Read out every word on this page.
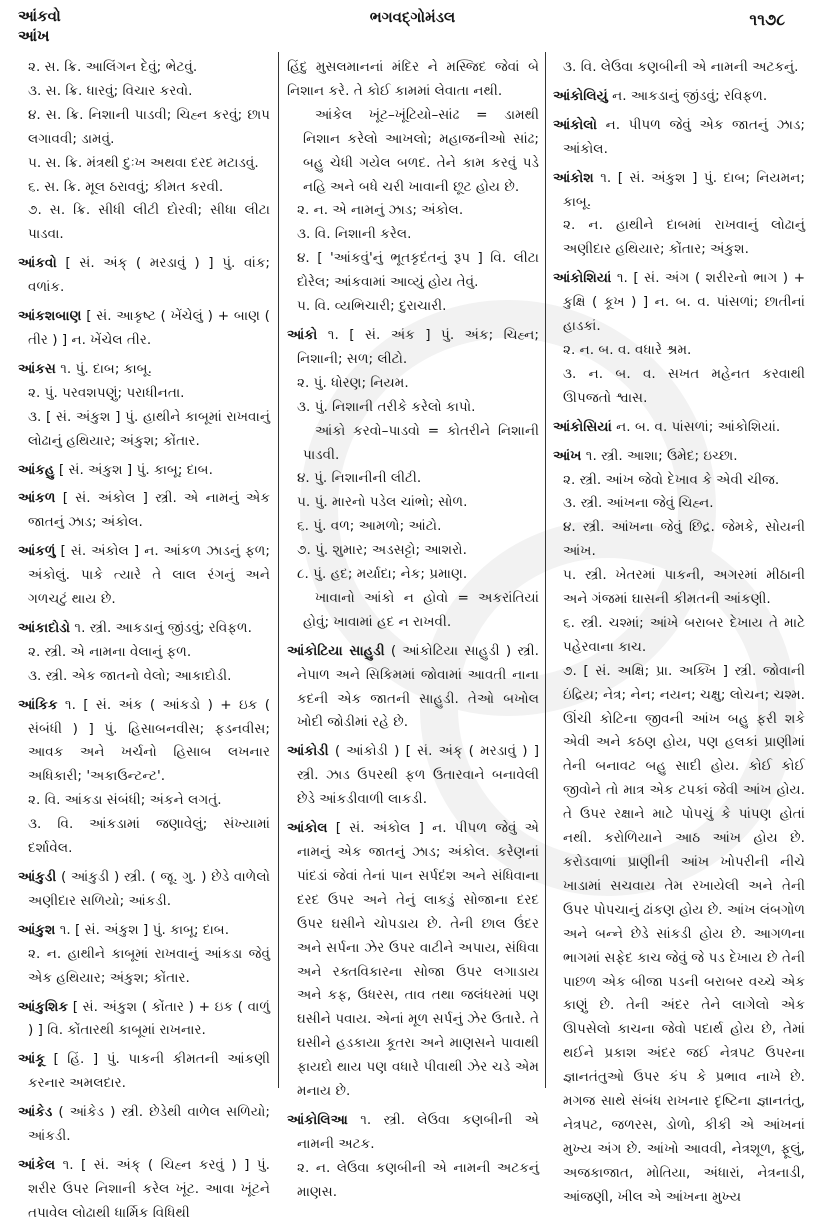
આંકવો
આંખ
ભગવદ્ગોમંડલ	૧૧૭૮

૨. સ. ક્રિ. આલિંગન દેવું; ભેટવું.

૩. સ. ક્રિ. ધારવું; વિચાર કરવો.

૪. સ. ક્રિ. નિશાની પાડવી; ચિહ્ન કરવું; છાપ લગાવવી; ડામવું.

૫. સ. ક્રિ. મંત્રથી દુઃખ અથવા દરદ મટાડવું.

૬. સ. ક્રિ. મૂલ ઠરાવવું; કીમત કરવી.

૭. સ. ક્રિ. સીધી લીટી દોરવી; સીધા લીટા પાડવા.

આંકવો [ સં. અંક્ ( મરડાવું ) ] પું. વાંક; વળાંક.

આંકશબાણ [ સં. આકૃષ્ટ ( ખેંચેલું ) + બાણ ( તીર ) ] ન. ખેંચેલ તીર.

આંકસ ૧. પું. દાબ; કાબૂ.

૨. પું. પરવશપણું; પરાધીનતા.

૩. [ સં. અંકુશ ] પું. હાથીને કાબૂમાં રાખવાનું લોઢાનું હથિયાર; અંકુશ; કોંતાર.

આંકહુ [ સં. અંકુશ ] પું. કાબૂ; દાબ.

આંકળ [ સં. અંકોલ ] સ્ત્રી. એ નામનું એક જાતનું ઝાડ; અંકોલ.

આંકળું [ સં. અંકોલ ] ન. આંકળ ઝાડનું ફળ; અંકોલું. પાકે ત્યારે તે લાલ રંગનું અને ગળચટું થાય છે.

આંકાદોડો ૧. સ્ત્રી. આકડાનું જીંડવું; રવિફળ.

૨. સ્ત્રી. એ નામના વેલાનું ફળ.

૩. સ્ત્રી. એક જાતનો વેલો; આકાદોડી.

આંકિક ૧. [ સં. અંક ( આંકડો ) + ઇક ( સંબંધી ) ] પું. હિસાબનવીસ; ફડનવીસ; આવક અને ખર્ચનો હિસાબ લખનાર અધિકારી; 'અકાઉન્ટન્ટ'.

૨. વિ. આંકડા સંબંધી; અંકને લગતું.

૩. વિ. આંકડામાં જણાવેલું; સંખ્યામાં દર્શાવેલ.

આંકુડી ( આંકુડી ) સ્ત્રી. ( જૂ. ગુ. ) છેડે વાળેલો અણીદાર સળિયો; આંકડી.

આંકુશ ૧. [ સં. અંકુશ ] પું. કાબૂ; દાબ.

૨. ન. હાથીને કાબૂમાં રાખવાનું આંકડા જેવું એક હથિયાર; અંકુશ; કોંતાર.

આંકુશિક [ સં. અંકુશ ( કોંતાર ) + ઇક ( વાળું ) ] વિ. કોંતારથી કાબૂમાં રાખનાર.

આંકૂ [ હિં. ] પું. પાકની કીમતની આંકણી કરનાર અમલદાર.

આંકેડ ( આંકેડ ) સ્ત્રી. છેડેથી વાળેલ સળિયો; આંકડી.

આંકેલ ૧. [ સં. અંક્ ( ચિહ્ન કરવું ) ] પું. શરીર ઉપર નિશાની કરેલ ખૂંટ. આવા ખૂંટને તપાવેલ લોઢાથી ધાર્મિક વિધિથી

હિંદુ મુસલમાનનાં મંદિર ને મસ્જિદ જેવાં બે નિશાન કરે. તે કોઈ કામમાં લેવાતા નથી.

આંકેલ ખૂંટ–ખૂંટિયો–સાંઢ = ડામથી નિશાન કરેલો આખલો; મહાજનીઓ સાંઢ; બહુ ચેધી ગયેલ બળદ. તેને કામ કરવું પડે નહિ અને બધે ચરી ખાવાની છૂટ હોય છે.

૨. ન. એ નામનું ઝાડ; અંકોલ.

૩. વિ. નિશાની કરેલ.

૪. [ 'આંકવું'નું ભૂતકૃદંતનું રૂપ ] વિ. લીટા દોરેલ; આંકવામાં આવ્યું હોય તેવું.

૫. વિ. વ્યભિચારી; દુરાચારી.

આંકો ૧. [ સં. અંક ] પું. અંક; ચિહ્ન; નિશાની; સળ; લીટો.

૨. પું. ધોરણ; નિયમ.

૩. પું. નિશાની તરીકે કરેલો કાપો.

આંકો કરવો–પાડવો = કોતરીને નિશાની પાડવી.

૪. પું. નિશાનીની લીટી.

૫. પું. મારનો પડેલ ચાંભો; સોળ.

૬. પું. વળ; આમળો; આંટો.

૭. પું. શુમાર; અડસટ્ટો; આશરો.

૮. પું. હદ; મર્યાદા; નેક; પ્રમાણ.

ખાવાનો આંકો ન હોવો = અકરાંતિયાં હોવું; ખાવામાં હદ ન રાખવી.

આંકોટિયા સાહુડી ( આંકોટિયા સાહુડી ) સ્ત્રી. નેપાળ અને સિકિમમાં જોવામાં આવતી નાના કદની એક જાતની સાહુડી. તેઓ બખોલ ખોદી જોડીમાં રહે છે.

આંકોડી ( આંકોડી ) [ સં. અંક્ ( મરડાવું ) ] સ્ત્રી. ઝાડ ઉપરથી ફળ ઉતારવાને બનાવેલી છેડે આંકડીવાળી લાકડી.

આંકોલ [ સં. અંકોલ ] ન. પીપળ જેવું એ નામનું એક જાતનું ઝાડ; અંકોલ. કરેણનાં પાંદડાં જેવાં તેનાં પાન સર્પદંશ અને સંધિવાના દરદ ઉપર અને તેનું લાકડું સોજાના દરદ ઉપર ઘસીને ચોપડાય છે. તેની છાલ ઉંદર અને સર્પના ઝેર ઉપર વાટીને અપાય, સંધિવા અને રક્તવિકારના સોજા ઉપર લગાડાય અને કફ, ઉધરસ, તાવ તથા જલંધરમાં પણ ઘસીને પવાય. એનાં મૂળ સર્પનું ઝેર ઉતારે. તે ઘસીને હડકાયા કૂતરા અને માણસને પાવાથી ફાયદો થાય પણ વધારે પીવાથી ઝેર ચડે એમ મનાય છે.

આંકોલિઆ ૧. સ્ત્રી. લેઉવા કણબીની એ નામની અટક.

૨. ન. લેઉવા કણબીની એ નામની અટકનું માણસ.

૩. વિ. લેઉવા કણબીની એ નામની અટકનું.

આંકોલિયું ન. આકડાનું જીંડવું; રવિફળ.

આંકોલો ન. પીપળ જેવું એક જાતનું ઝાડ; આંકોલ.

આંકોશ ૧. [ સં. અંકુશ ] પું. દાબ; નિયમન; કાબૂ.

૨. ન. હાથીને દાબમાં રાખવાનું લોઢાનું અણીદાર હથિયાર; કોંતાર; અંકુશ.

આંકોશિયાં ૧. [ સં. અંગ ( શરીરનો ભાગ ) + કુક્ષિ ( કૂખ ) ] ન. બ. વ. પાંસળાં; છાતીનાં હાડકાં.

૨. ન. બ. વ. વધારે શ્રમ.

૩. ન. બ. વ. સખત મહેનત કરવાથી ઊપજતો શ્વાસ.

આંકોસિયાં ન. બ. વ. પાંસળાં; આંકોશિયાં.

આંખ ૧. સ્ત્રી. આશા; ઉમેદ; ઇચ્છા.

૨. સ્ત્રી. આંખ જેવો દેખાવ કે એવી ચીજ.

૩. સ્ત્રી. આંખના જેવું ચિહ્ન.

૪. સ્ત્રી. આંખના જેવું છિદ્ર. જેમકે, સોયની આંખ.

૫. સ્ત્રી. ખેતરમાં પાકની, અગરમાં મીઠાની અને ગંજમાં ઘાસની કીમતની આંકણી.

૬. સ્ત્રી. ચશ્માં; આંખે બરાબર દેખાય તે માટે પહેરવાના કાચ.

૭. [ સં. અક્ષિ; પ્રા. અક્ખિ ] સ્ત્રી. જોવાની ઇંદ્રિય; નેત્ર; નેન; નયન; ચક્ષુ; લોચન; ચશ્મ. ઊંચી કોટિના જીવની આંખ બહુ ફરી શકે એવી અને કઠણ હોય, પણ હલકાં પ્રાણીમાં તેની બનાવટ બહુ સાદી હોય. કોઈ કોઈ જીવોને તો માત્ર એક ટપકાં જેવી આંખ હોય. તે ઉપર રક્ષાને માટે પોપચું કે પાંપણ હોતાં નથી. કરોળિયાને આઠ આંખ હોય છે. કરોડવાળાં પ્રાણીની આંખ ખોપરીની નીચે ખાડામાં સચવાય તેમ રખાયેલી અને તેની ઉપર પોપચાનું ઢાંકણ હોય છે. આંખ લંબગોળ અને બન્ને છેડે સાંકડી હોય છે. આગળના ભાગમાં સફેદ કાચ જેવું જે પડ દેખાય છે તેની પાછળ એક બીજા પડની બરાબર વચ્ચે એક કાણું છે. તેની અંદર તેને લાગેલો એક ઊપસેલો કાચના જેવો પદાર્થ હોય છે, તેમાં થઈને પ્રકાશ અંદર જઈ નેત્રપટ ઉપરના જ્ઞાનતંતુઓ ઉપર કંપ કે પ્રભાવ નાખે છે. મગજ સાથે સંબંધ રાખનાર દૃષ્ટિના જ્ઞાનતંતુ, નેત્રપટ, જળરસ, ડોળો, કીકી એ આંખનાં મુખ્ય અંગ છે. આંખો આવવી, નેત્રશૂળ, ફૂલું, અજકાજાત, મોતિયા, અંધારાં, નેત્રનાડી, આંજણી, ખીલ એ આંખના મુખ્ય
